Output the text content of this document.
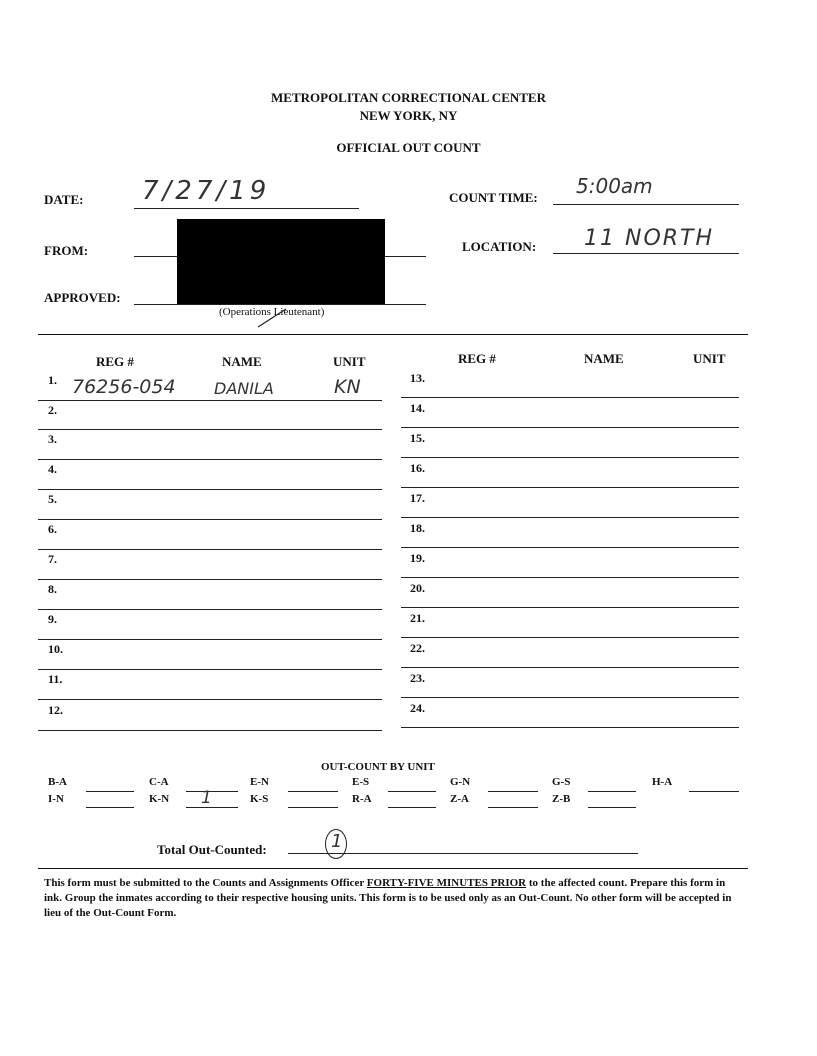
METROPOLITAN CORRECTIONAL CENTER
NEW YORK, NY
OFFICIAL OUT COUNT
DATE: 7/27/19	COUNT TIME: 5:00am
FROM:	LOCATION: 11 NORTH
APPROVED:
(Operations Lieutenant)
REG #	NAME	UNIT	REG #	NAME	UNIT
1. 76256-054 DANILA	KN
2.
3.
4.
5.
6.
7.
8.
9.
10.
11.
12.
13.
14.
15.
16.
17.
18.
19.
20.
21.
22.
23.
24.
OUT-COUNT BY UNIT
B-A	C-A	E-N	E-S	G-N	G-S	H-A
I-N	K-N 1	K-S	R-A	Z-A	Z-B
Total Out-Counted:	1
This form must be submitted to the Counts and Assignments Officer FORTY-FIVE MINUTES PRIOR to the affected count. Prepare this form in ink. Group the inmates according to their respective housing units. This form is to be used only as an Out-Count. No other form will be accepted in lieu of the Out-Count Form.
